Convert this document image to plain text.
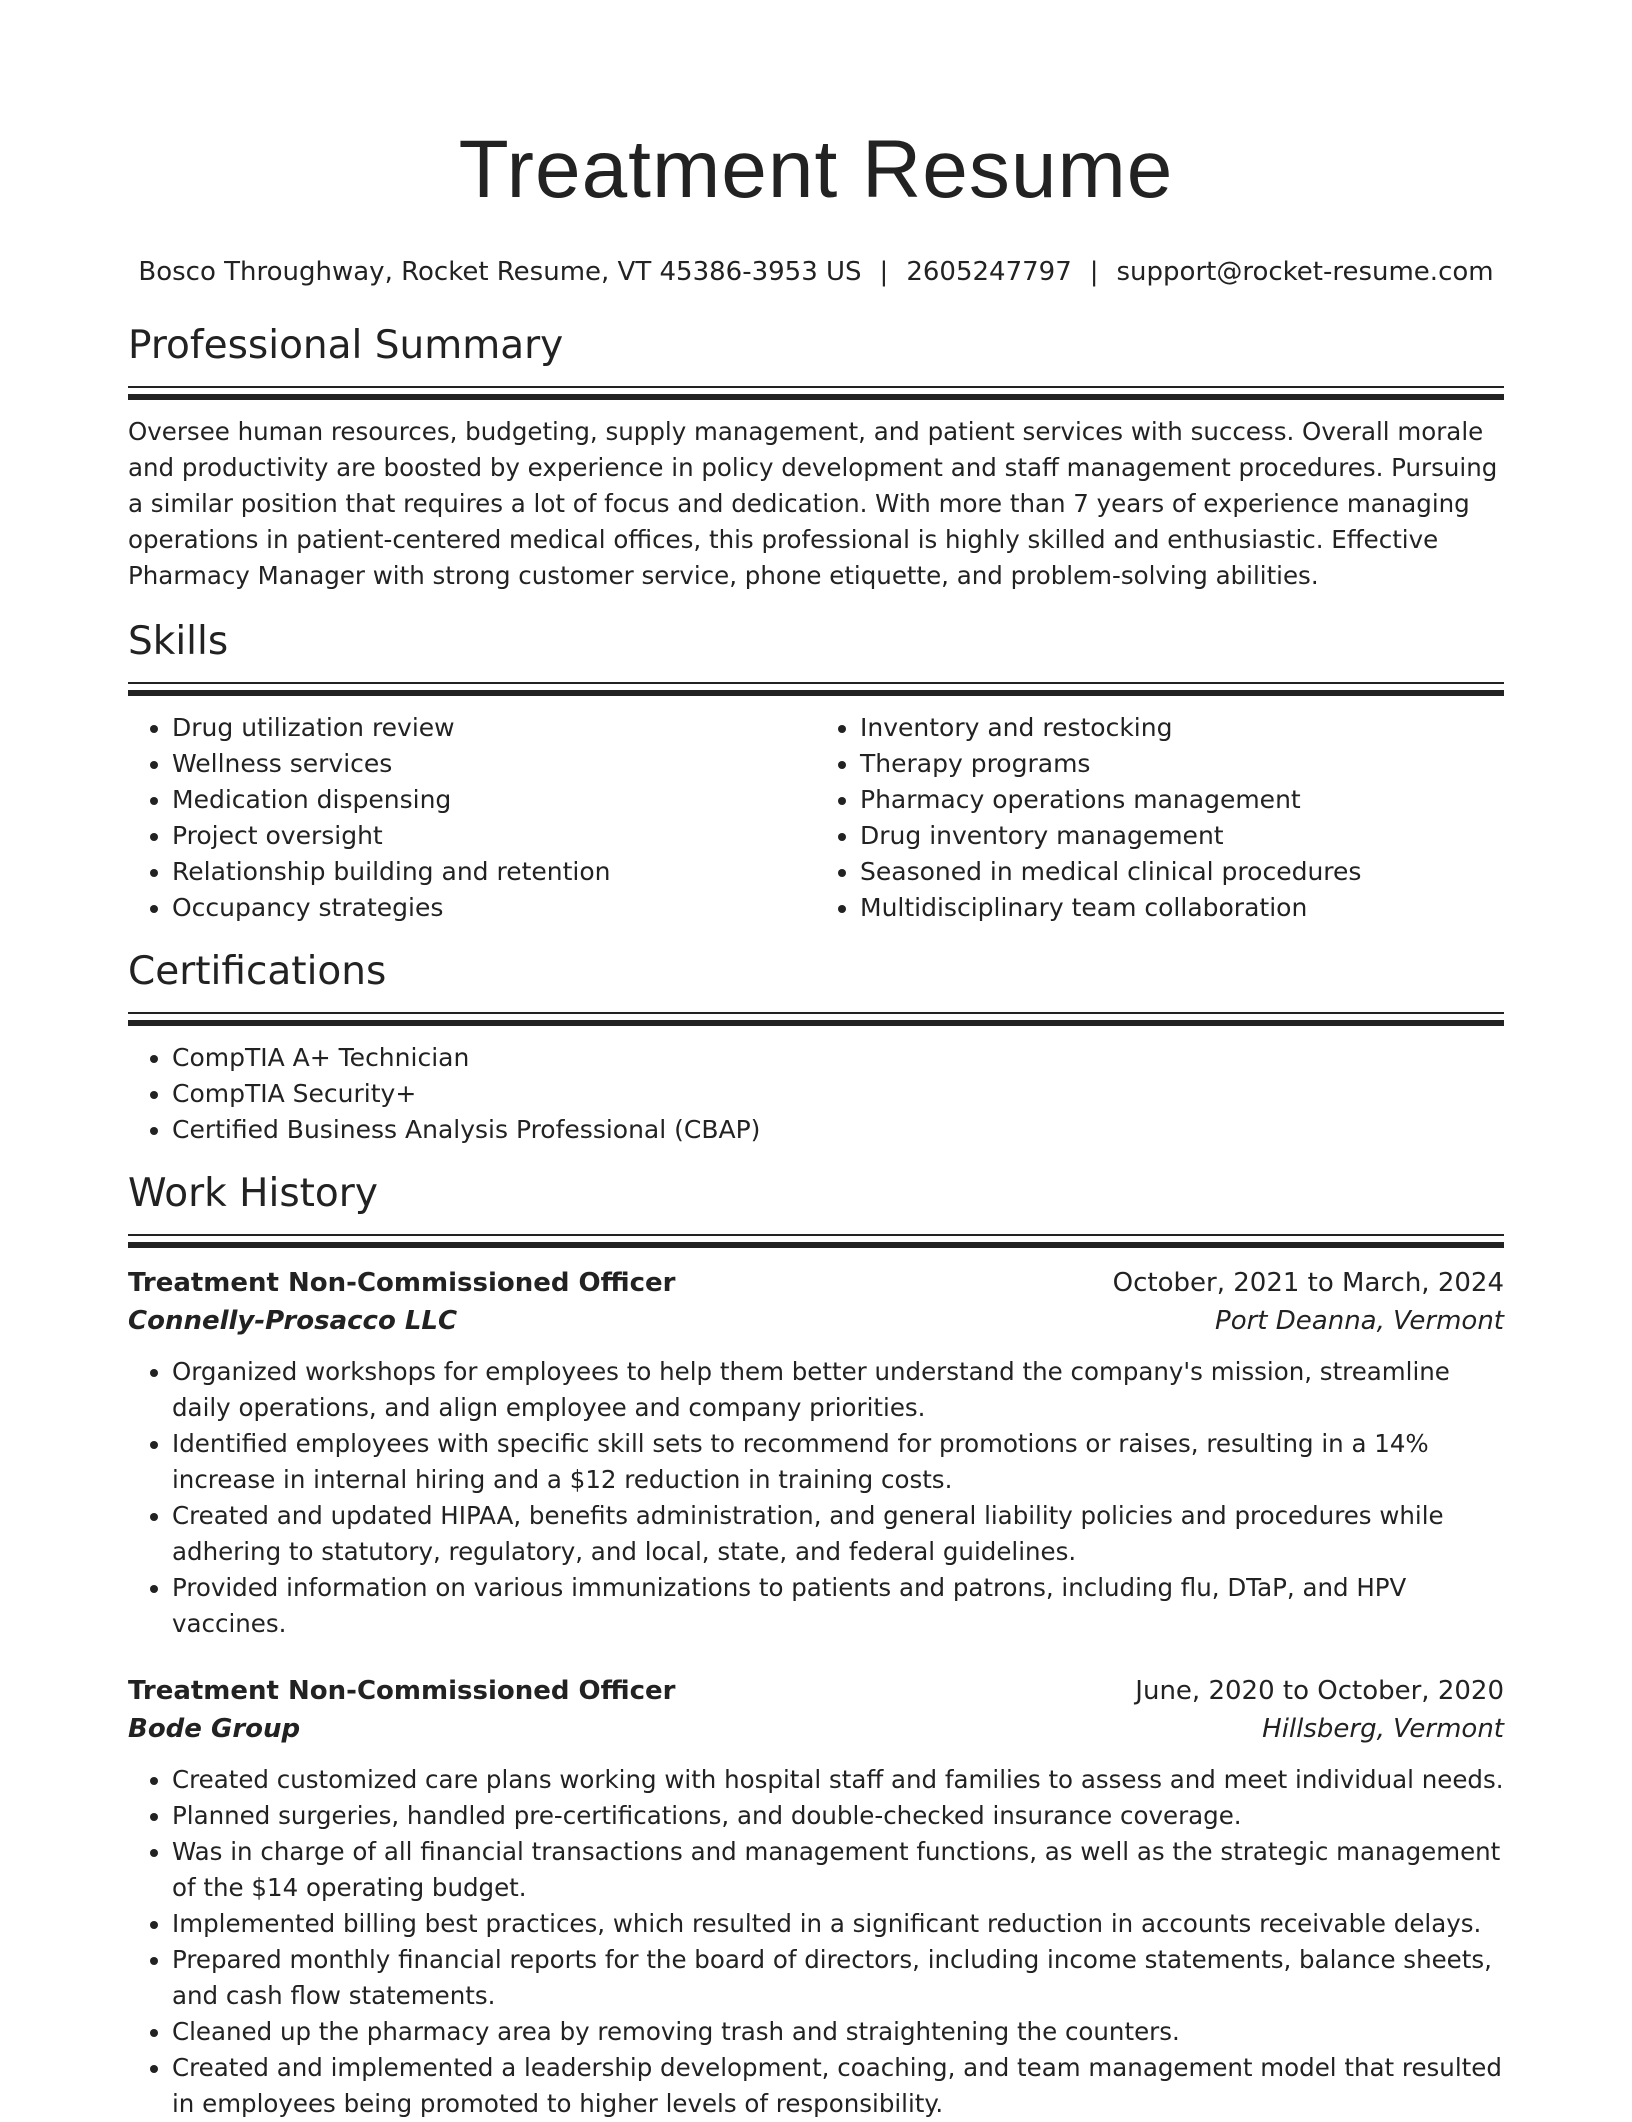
Treatment Resume
Bosco Throughway, Rocket Resume, VT 45386-3953 US | 2605247797 | support@rocket-resume.com
Professional Summary

Oversee human resources, budgeting, supply management, and patient services with success. Overall morale and productivity are boosted by experience in policy development and staff management procedures. Pursuing a similar position that requires a lot of focus and dedication. With more than 7 years of experience managing operations in patient-centered medical offices, this professional is highly skilled and enthusiastic. Effective Pharmacy Manager with strong customer service, phone etiquette, and problem-solving abilities.

Skills
• Drug utilization review
• Wellness services
• Medication dispensing
• Project oversight
• Relationship building and retention
• Occupancy strategies
• Inventory and restocking
• Therapy programs
• Pharmacy operations management
• Drug inventory management
• Seasoned in medical clinical procedures
• Multidisciplinary team collaboration
Certifications
• CompTIA A+ Technician
• CompTIA Security+
• Certified Business Analysis Professional (CBAP)
Work History
Treatment Non-Commissioned Officer	October, 2021 to March, 2024
Connelly-Prosacco LLC	Port Deanna, Vermont
• Organized workshops for employees to help them better understand the company's mission, streamline daily operations, and align employee and company priorities.
• Identified employees with specific skill sets to recommend for promotions or raises, resulting in a 14% increase in internal hiring and a $12 reduction in training costs.
• Created and updated HIPAA, benefits administration, and general liability policies and procedures while adhering to statutory, regulatory, and local, state, and federal guidelines.
• Provided information on various immunizations to patients and patrons, including flu, DTaP, and HPV vaccines.
Treatment Non-Commissioned Officer	June, 2020 to October, 2020
Bode Group	Hillsberg, Vermont
• Created customized care plans working with hospital staff and families to assess and meet individual needs.
• Planned surgeries, handled pre-certifications, and double-checked insurance coverage.
• Was in charge of all financial transactions and management functions, as well as the strategic management of the $14 operating budget.
• Implemented billing best practices, which resulted in a significant reduction in accounts receivable delays.
• Prepared monthly financial reports for the board of directors, including income statements, balance sheets, and cash flow statements.
• Cleaned up the pharmacy area by removing trash and straightening the counters.
• Created and implemented a leadership development, coaching, and team management model that resulted in employees being promoted to higher levels of responsibility.
